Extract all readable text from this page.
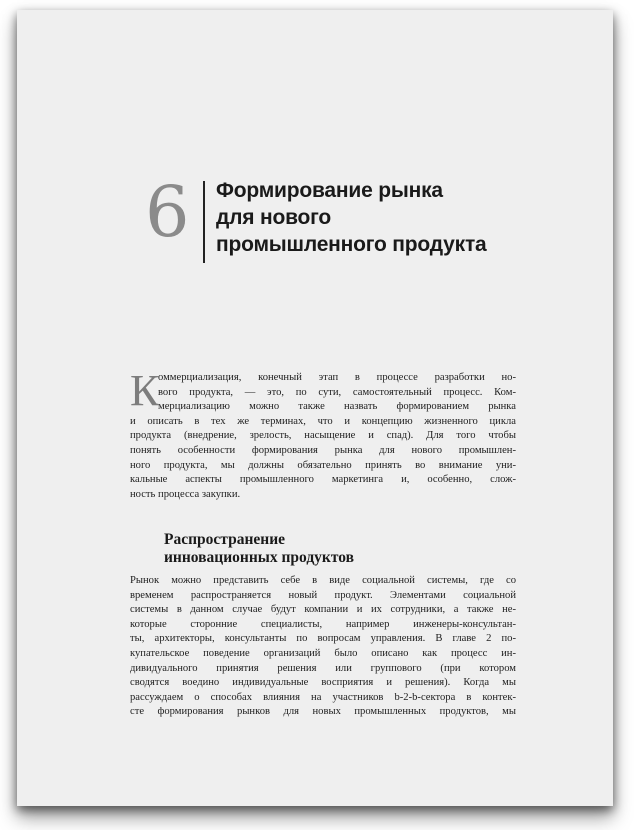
6 Формирование рынка
для нового
промышленного продукта
К
оммерциализация, конечный этап в процессе разработки но-
вого продукта, — это, по сути, самостоятельный процесс. Ком-
мерциализацию можно также назвать формированием рынка
и описать в тех же терминах, что и концепцию жизненного цикла
продукта (внедрение, зрелость, насыщение и спад). Для того чтобы
понять особенности формирования рынка для нового промышлен-
ного продукта, мы должны обязательно принять во внимание уни-
кальные аспекты промышленного маркетинга и, особенно, слож-
ность процесса закупки.
Распространение
инновационных продуктов
Рынок можно представить себе в виде социальной системы, где со
временем распространяется новый продукт. Элементами социальной
системы в данном случае будут компании и их сотрудники, а также не-
которые сторонние специалисты, например инженеры-консультан-
ты, архитекторы, консультанты по вопросам управления. В главе 2 по-
купательское поведение организаций было описано как процесс ин-
дивидуального принятия решения или группового (при котором
сводятся воедино индивидуальные восприятия и решения). Когда мы
рассуждаем о способах влияния на участников b-2-b-сектора в контек-
сте формирования рынков для новых промышленных продуктов, мы
